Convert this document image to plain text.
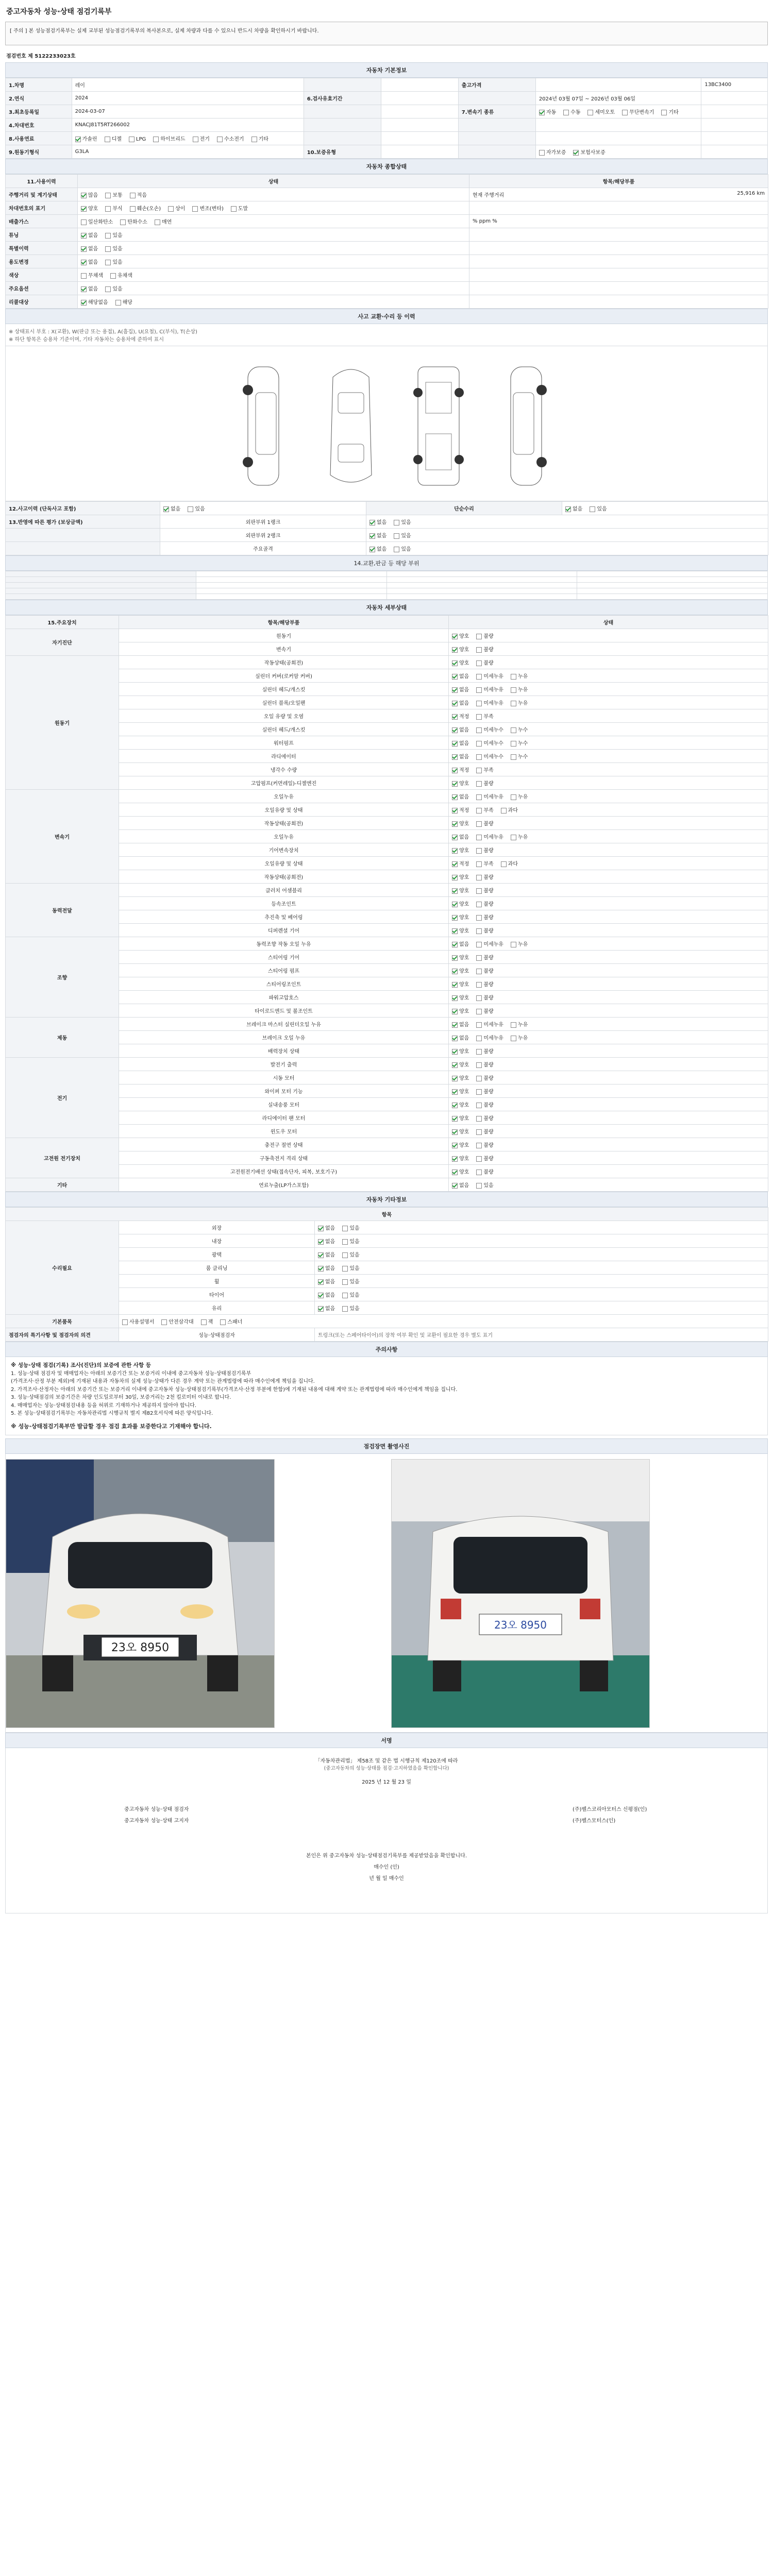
중고자동차 성능·상태 점검기록부
[ 주의 ] 본 성능점검기록부는 실제 교부된 성능점검기록부의 복사본으로, 실제 차량과 다를 수 있으니 반드시 차량을 확인하시기 바랍니다.
점검번호 제 5122233023호
자동차 기본정보
1.차명	레이			출고가격		13BC3400
2.연식	2024	6.검사유효기간			2024년 03월 07일 ~ 2026년 03월 06일	
3.최초등록일	2024-03-07			7.변속기 종류	자동 수동 세미오토 무단변속기 기타	
4.차대번호	KNACJ81T5RT266002					
8.사용연료	가솔린 디젤 LPG 하이브리드 전기 수소전기 기타					
9.원동기형식	G3LA	10.보증유형			자가보증 보험사보증	
자동차 종합상태
11.사용이력	상태	항목/해당부품
주행거리 및 계기상태	많음 보통 적음	현재 주행거리 25,916 km

차대번호의 표기	양호 부식 훼손(오손) 상이 변조(변타) 도말	

배출가스	일산화탄소 탄화수소 매연	% ppm %

튜닝	없음 있음	

특별이력	없음 있음	

용도변경	없음 있음	

색상	무채색 유채색	

주요옵션	없음 있음	

리콜대상	해당없음 해당	
사고 교환·수리 등 이력
※ 상태표시 부호 : X(교환), W(판금 또는 용접), A(흠집), U(요철), C(부식), T(손상)
※ 하단 항목은 승용차 기준이며, 기타 자동차는 승용차에 준하여 표시
12.사고이력 (단독사고 포함)	없음 있음	단순수리	없음 있음
13.반영에 따른 평가 (보상금액)	외판부위 1랭크	없음 있음	
	외판부위 2랭크	없음 있음	
	주요골격	없음 있음	
14.교환,판금 등 해당 부위

자동차 세부상태
15.주요장치	항목/해당부품	상태
자기진단	원동기	양호 불량
	변속기	양호 불량
원동기	작동상태(공회전)	양호 불량
	실린더 커버(로커암 커버)	없음 미세누유 누유
	실린더 헤드/개스킷	없음 미세누유 누유
	실린더 블록/오일팬	없음 미세누유 누유
	오일 유량 및 오염	적정 부족
	실린더 헤드/개스킷	없음 미세누수 누수
	워터펌프	없음 미세누수 누수
	라디에이터	없음 미세누수 누수
	냉각수 수량	적정 부족
	고압펌프(커먼레일)-디젤엔진	양호 불량
변속기	오일누유	없음 미세누유 누유
	오일유량 및 상태	적정 부족 과다
	작동상태(공회전)	양호 불량
	오일누유	없음 미세누유 누유
	기어변속장치	양호 불량
	오일유량 및 상태	적정 부족 과다
	작동상태(공회전)	양호 불량
동력전달	클러치 어셈블리	양호 불량
	등속조인트	양호 불량
	추진축 및 베어링	양호 불량
	디퍼렌셜 기어	양호 불량
조향	동력조향 작동 오일 누유	없음 미세누유 누유
	스티어링 기어	양호 불량
	스티어링 펌프	양호 불량
	스티어링조인트	양호 불량
	파워고압호스	양호 불량
	타이로드엔드 및 볼조인트	양호 불량
제동	브레이크 마스터 실린더오일 누유	없음 미세누유 누유
	브레이크 오일 누유	없음 미세누유 누유
	배력장치 상태	양호 불량
전기	발전기 출력	양호 불량
	시동 모터	양호 불량
	와이퍼 모터 기능	양호 불량
	실내송풍 모터	양호 불량
	라디에이터 팬 모터	양호 불량
	윈도우 모터	양호 불량
고전원 전기장치	충전구 절연 상태	양호 불량
	구동축전지 격리 상태	양호 불량
	고전원전기배선 상태(접속단자, 피복, 보호기구)	양호 불량
기타	연료누출(LP가스포함)	없음 있음
자동차 기타정보
항목		
수리필요	외장	없음 있음
	내장	없음 있음
	광택	없음 있음
	룸 클리닝	없음 있음
	휠	없음 있음
	타이어	없음 있음
	유리	없음 있음
기본품목	사용설명서 안전삼각대 잭 스패너	
점검자의 특기사항 및 점검자의 의견	성능·상태점검자	트렁크(또는 스페어타이어)의 장착 여부 확인 및 교환이 필요한 경우 별도 표기
주의사항
※ 성능·상태 점검(기록) 조사(진단)의 보증에 관한 사항 등
1. 성능·상태 점검자 및 매매업자는 아래의 보증기간 또는 보증거리 이내에 중고자동차 성능·상태점검기록부
(가격조사·산정 부분 제외)에 기재된 내용과 자동차의 실제 성능·상태가 다른 경우 계약 또는 관계법령에 따라 매수인에게 책임을 집니다.
2. 가격조사·산정자는 아래의 보증기간 또는 보증거리 이내에 중고자동차 성능·상태점검기록부(가격조사·산정 부분에 한함)에 기재된 내용에 대해 계약 또는 관계법령에 따라 매수인에게 책임을 집니다.
3. 성능·상태점검의 보증기간은 차량 인도일로부터 30일, 보증거리는 2천 킬로미터 이내로 합니다.
4. 매매업자는 성능·상태점검내용 등을 허위로 기재하거나 제공하지 않아야 합니다.
5. 본 성능·상태점검기록부는 자동차관리법 시행규칙 별지 제82호서식에 따른 양식입니다.
※ 성능·상태점검기록부만 발급할 경우 점검 효과를 보증한다고 기재해야 합니다.
점검장면 촬영사진
23오 8950
23오 8950
서명
「자동차관리법」 제58조 및 같은 법 시행규칙 제120조에 따라
(중고자동차의 성능·상태를 점검·고지하였음을 확인합니다)
2025 년 12 월 23 일
중고자동차 성능·상태 점검자
중고자동차 성능·상태 고지자
(주)벨스코리아모터스 신평점(인)
(주)벨스모터스(인)
본인은 위 중고자동차 성능·상태점검기록부를 제공받았음을 확인합니다.
매수인 (인)
년 월 일 매수인
